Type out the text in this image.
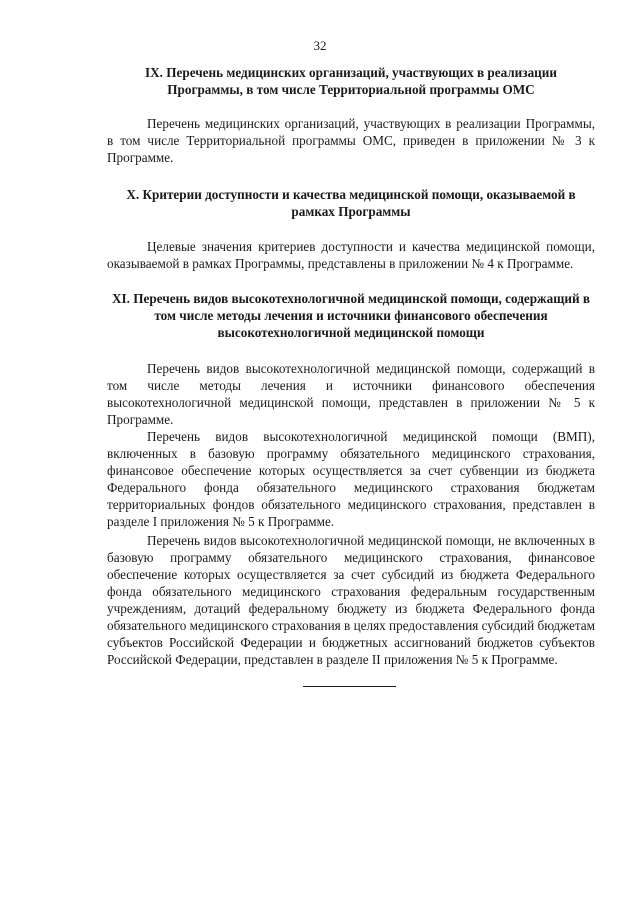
32
IX. Перечень медицинских организаций, участвующих в реализации Программы, в том числе Территориальной программы ОМС

Перечень медицинских организаций, участвующих в реализации Программы, в том числе Территориальной программы ОМС, приведен в приложении № 3 к Программе.

X. Критерии доступности и качества медицинской помощи, оказываемой в рамках Программы

Целевые значения критериев доступности и качества медицинской помощи, оказываемой в рамках Программы, представлены в приложении № 4 к Программе.

XI. Перечень видов высокотехнологичной медицинской помощи, содержащий в том числе методы лечения и источники финансового обеспечения высокотехнологичной медицинской помощи

Перечень видов высокотехнологичной медицинской помощи, содержащий в том числе методы лечения и источники финансового обеспечения высокотехнологичной медицинской помощи, представлен в приложении № 5 к Программе.

Перечень видов высокотехнологичной медицинской помощи (ВМП), включенных в базовую программу обязательного медицинского страхования, финансовое обеспечение которых осуществляется за счет субвенции из бюджета Федерального фонда обязательного медицинского страхования бюджетам территориальных фондов обязательного медицинского страхования, представлен в разделе I приложения № 5 к Программе.

Перечень видов высокотехнологичной медицинской помощи, не включенных в базовую программу обязательного медицинского страхования, финансовое обеспечение которых осуществляется за счет субсидий из бюджета Федерального фонда обязательного медицинского страхования федеральным государственным учреждениям, дотаций федеральному бюджету из бюджета Федерального фонда обязательного медицинского страхования в целях предоставления субсидий бюджетам субъектов Российской Федерации и бюджетных ассигнований бюджетов субъектов Российской Федерации, представлен в разделе II приложения № 5 к Программе.
